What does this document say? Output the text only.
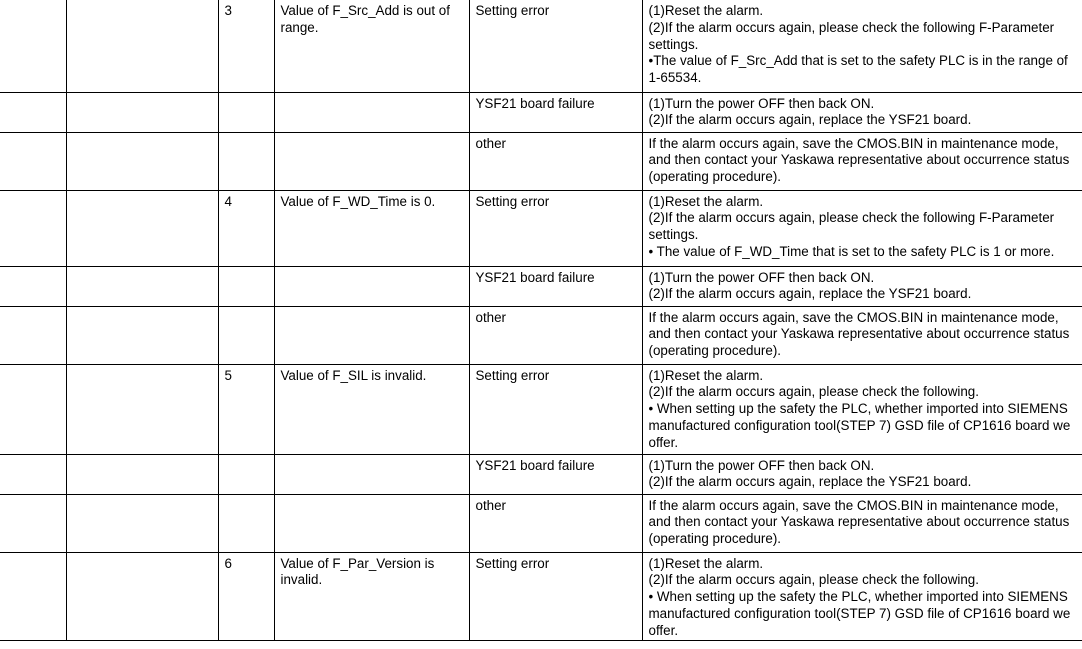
		3	Value of F_Src_Add is out of range.	Setting error	(1)Reset the alarm.
(2)If the alarm occurs again, please check the following F-Parameter settings.
•The value of F_Src_Add that is set to the safety PLC is in the range of 1-65534.

				YSF21 board failure	(1)Turn the power OFF then back ON.
(2)If the alarm occurs again, replace the YSF21 board.

				other	If the alarm occurs again, save the CMOS.BIN in maintenance mode, and then contact your Yaskawa representative about occurrence status (operating procedure).

		4	Value of F_WD_Time is 0.	Setting error	(1)Reset the alarm.
(2)If the alarm occurs again, please check the following F-Parameter settings.
• The value of F_WD_Time that is set to the safety PLC is 1 or more.

				YSF21 board failure	(1)Turn the power OFF then back ON.
(2)If the alarm occurs again, replace the YSF21 board.

				other	If the alarm occurs again, save the CMOS.BIN in maintenance mode, and then contact your Yaskawa representative about occurrence status (operating procedure).

		5	Value of F_SIL is invalid.	Setting error	(1)Reset the alarm.
(2)If the alarm occurs again, please check the following.
• When setting up the safety the PLC, whether imported into SIEMENS manufactured configuration tool(STEP 7) GSD file of CP1616 board we offer.

				YSF21 board failure	(1)Turn the power OFF then back ON.
(2)If the alarm occurs again, replace the YSF21 board.

				other	If the alarm occurs again, save the CMOS.BIN in maintenance mode, and then contact your Yaskawa representative about occurrence status (operating procedure).

		6	Value of F_Par_Version is invalid.	Setting error	(1)Reset the alarm.
(2)If the alarm occurs again, please check the following.
• When setting up the safety the PLC, whether imported into SIEMENS manufactured configuration tool(STEP 7) GSD file of CP1616 board we offer.
